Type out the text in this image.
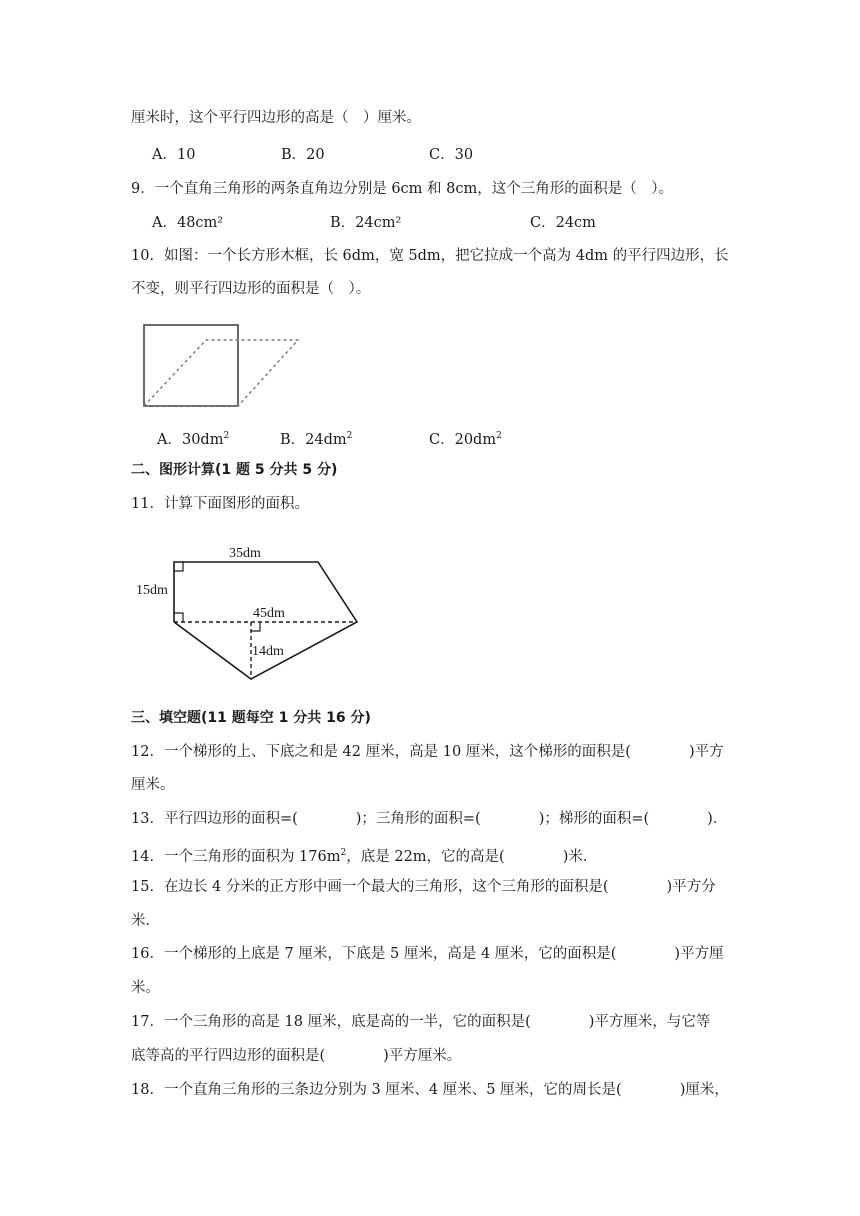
厘米时，这个平行四边形的高是（　）厘米。
A．10	B．20	C．30
9．一个直角三角形的两条直角边分别是 6cm 和 8cm，这个三角形的面积是（　）。
A．48cm²	B．24cm²	C．24cm
10．如图：一个长方形木框，长 6dm，宽 5dm，把它拉成一个高为 4dm 的平行四边形，长
不变，则平行四边形的面积是（　）。
A．$30dm^2$	B．$24dm^2$	C．$20dm^2$
二、图形计算(1 题 5 分共 5 分)
11．计算下面图形的面积。
35dm
15dm
45dm
14dm
三、填空题(11 题每空 1 分共 16 分)
12．一个梯形的上、下底之和是 42 厘米，高是 10 厘米，这个梯形的面积是(　　　　)平方
厘米。
13．平行四边形的面积=(　　　　)；三角形的面积=(　　　　)；梯形的面积=(　　　　)．
14．一个三角形的面积为 $176m^2$，底是 22m，它的高是(　　　　)米．
15．在边长 4 分米的正方形中画一个最大的三角形，这个三角形的面积是(　　　　)平方分
米．
16．一个梯形的上底是 7 厘米，下底是 5 厘米，高是 4 厘米，它的面积是(　　　　)平方厘
米。
17．一个三角形的高是 18 厘米，底是高的一半，它的面积是(　　　　)平方厘米，与它等
底等高的平行四边形的面积是(　　　　)平方厘米。
18．一个直角三角形的三条边分别为 3 厘米、4 厘米、5 厘米，它的周长是(　　　　)厘米，
